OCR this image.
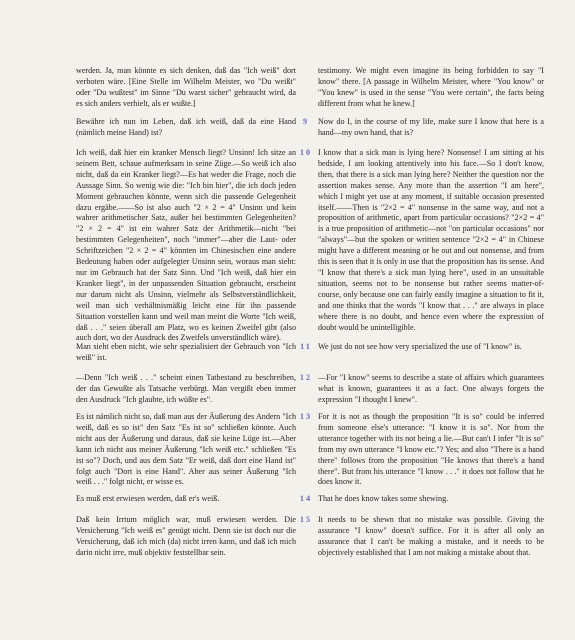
werden. Ja, man könnte es sich denken, daß das "Ich weiß" dort verboten wäre. [Eine Stelle im Wilhelm Meister, wo "Du weißt" oder "Du wußtest" im Sinne "Du warst sicher" gebraucht wird, da es sich anders verhielt, als er wußte.]
testimony. We might even imagine its being forbidden to say "I know" there. [A passage in Wilhelm Meister, where "You know" or "You knew" is used in the sense "You were certain", the facts being different from what he knew.]
Bewähre ich nun im Leben, daß ich weiß, daß da eine Hand (nämlich meine Hand) ist?
9	Now do I, in the course of my life, make sure I know that here is a hand—my own hand, that is?
Ich weiß, daß hier ein kranker Mensch liegt? Unsinn! Ich sitze an seinem Bett, schaue aufmerksam in seine Züge.—So weiß ich also nicht, daß da ein Kranker liegt?—Es hat weder die Frage, noch die Aussage Sinn. So wenig wie die: "Ich bin hier", die ich doch jeden Moment gebrauchen könnte, wenn sich die passende Gelegenheit dazu ergäbe.——So ist also auch "2 × 2 = 4" Unsinn und kein wahrer arithmetischer Satz, außer bei bestimmten Gelegenheiten? "2 × 2 = 4" ist ein wahrer Satz der Arithmetik—nicht "bei bestimmten Gelegenheiten", noch "immer"—aber die Laut- oder Schriftzeichen "2 × 2 = 4" könnten im Chinesischen eine andere Bedeutung haben oder aufgelegter Unsinn sein, woraus man sieht: nur im Gebrauch hat der Satz Sinn. Und "Ich weiß, daß hier ein Kranker liegt", in der unpassenden Situation gebraucht, erscheint nur darum nicht als Unsinn, vielmehr als Selbstverständlichkeit, weil man sich verhältnismäßig leicht eine für ihn passende Situation vorstellen kann und weil man meint die Worte "Ich weiß, daß . . ." seien überall am Platz, wo es keinen Zweifel gibt (also auch dort, wo der Ausdruck des Zweifels unverständlich wäre).
10 I know that a sick man is lying here? Nonsense! I am sitting at his bedside, I am looking attentively into his face.—So I don't know, then, that there is a sick man lying here? Neither the question nor the assertion makes sense. Any more than the assertion "I am here", which I might yet use at any moment, if suitable occasion presented itself.——Then is "2×2 = 4" nonsense in the same way, and not a proposition of arithmetic, apart from particular occasions? "2×2 = 4" is a true proposition of arithmetic—not "on particular occasions" nor "always"—but the spoken or written sentence "2×2 = 4" in Chinese might have a different meaning or be out and out nonsense, and from this is seen that it is only in use that the proposition has its sense. And "I know that there's a sick man lying here", used in an unsuitable situation, seems not to be nonsense but rather seems matter-of-course, only because one can fairly easily imagine a situation to fit it, and one thinks that the words "I know that . . ." are always in place where there is no doubt, and hence even where the expression of doubt would be unintelligible.
Man sieht eben nicht, wie sehr spezialisiert der Gebrauch von "Ich weiß" ist.
11 We just do not see how very specialized the use of "I know" is.
—Denn "Ich weiß . . ." scheint einen Tatbestand zu beschreiben, der das Gewußte als Tatsache verbürgt. Man vergißt eben immer den Ausdruck "Ich glaubte, ich wüßte es".
12 —For "I know" seems to describe a state of affairs which guarantees what is known, guarantees it as a fact. One always forgets the expression "I thought I knew".
Es ist nämlich nicht so, daß man aus der Äußerung des Andern "Ich weiß, daß es so ist" den Satz "Es ist so" schließen könnte. Auch nicht aus der Äußerung und daraus, daß sie keine Lüge ist.—Aber kann ich nicht aus meiner Äußerung "Ich weiß etc." schließen "Es ist so"? Doch, und aus dem Satz "Er weiß, daß dort eine Hand ist" folgt auch "Dort is eine Hand". Aber aus seiner Äußerung "Ich weiß . . ." folgt nicht, er wisse es.
13 For it is not as though the proposition "It is so" could be inferred from someone else's utterance: "I know it is so". Nor from the utterance together with its not being a lie.—But can't I infer "It is so" from my own utterance "I know etc."? Yes; and also "There is a hand there" follows from the proposition "He knows that there's a hand there". But from his utterance "I know . . ." it does not follow that he does know it.
Es muß erst erwiesen werden, daß er's weiß.	14 That he does know takes some shewing.
Daß kein Irrtum möglich war, muß erwiesen werden. Die Versicherung "Ich weiß es" genügt nicht. Denn sie ist doch nur die Versicherung, daß ich mich (da) nicht irren kann, und daß ich mich darin nicht irre, muß objektiv feststellbar sein.
15 It needs to be shewn that no mistake was possible. Giving the assurance "I know" doesn't suffice. For it is after all only an assurance that I can't be making a mistake, and it needs to be objectively established that I am not making a mistake about that.
